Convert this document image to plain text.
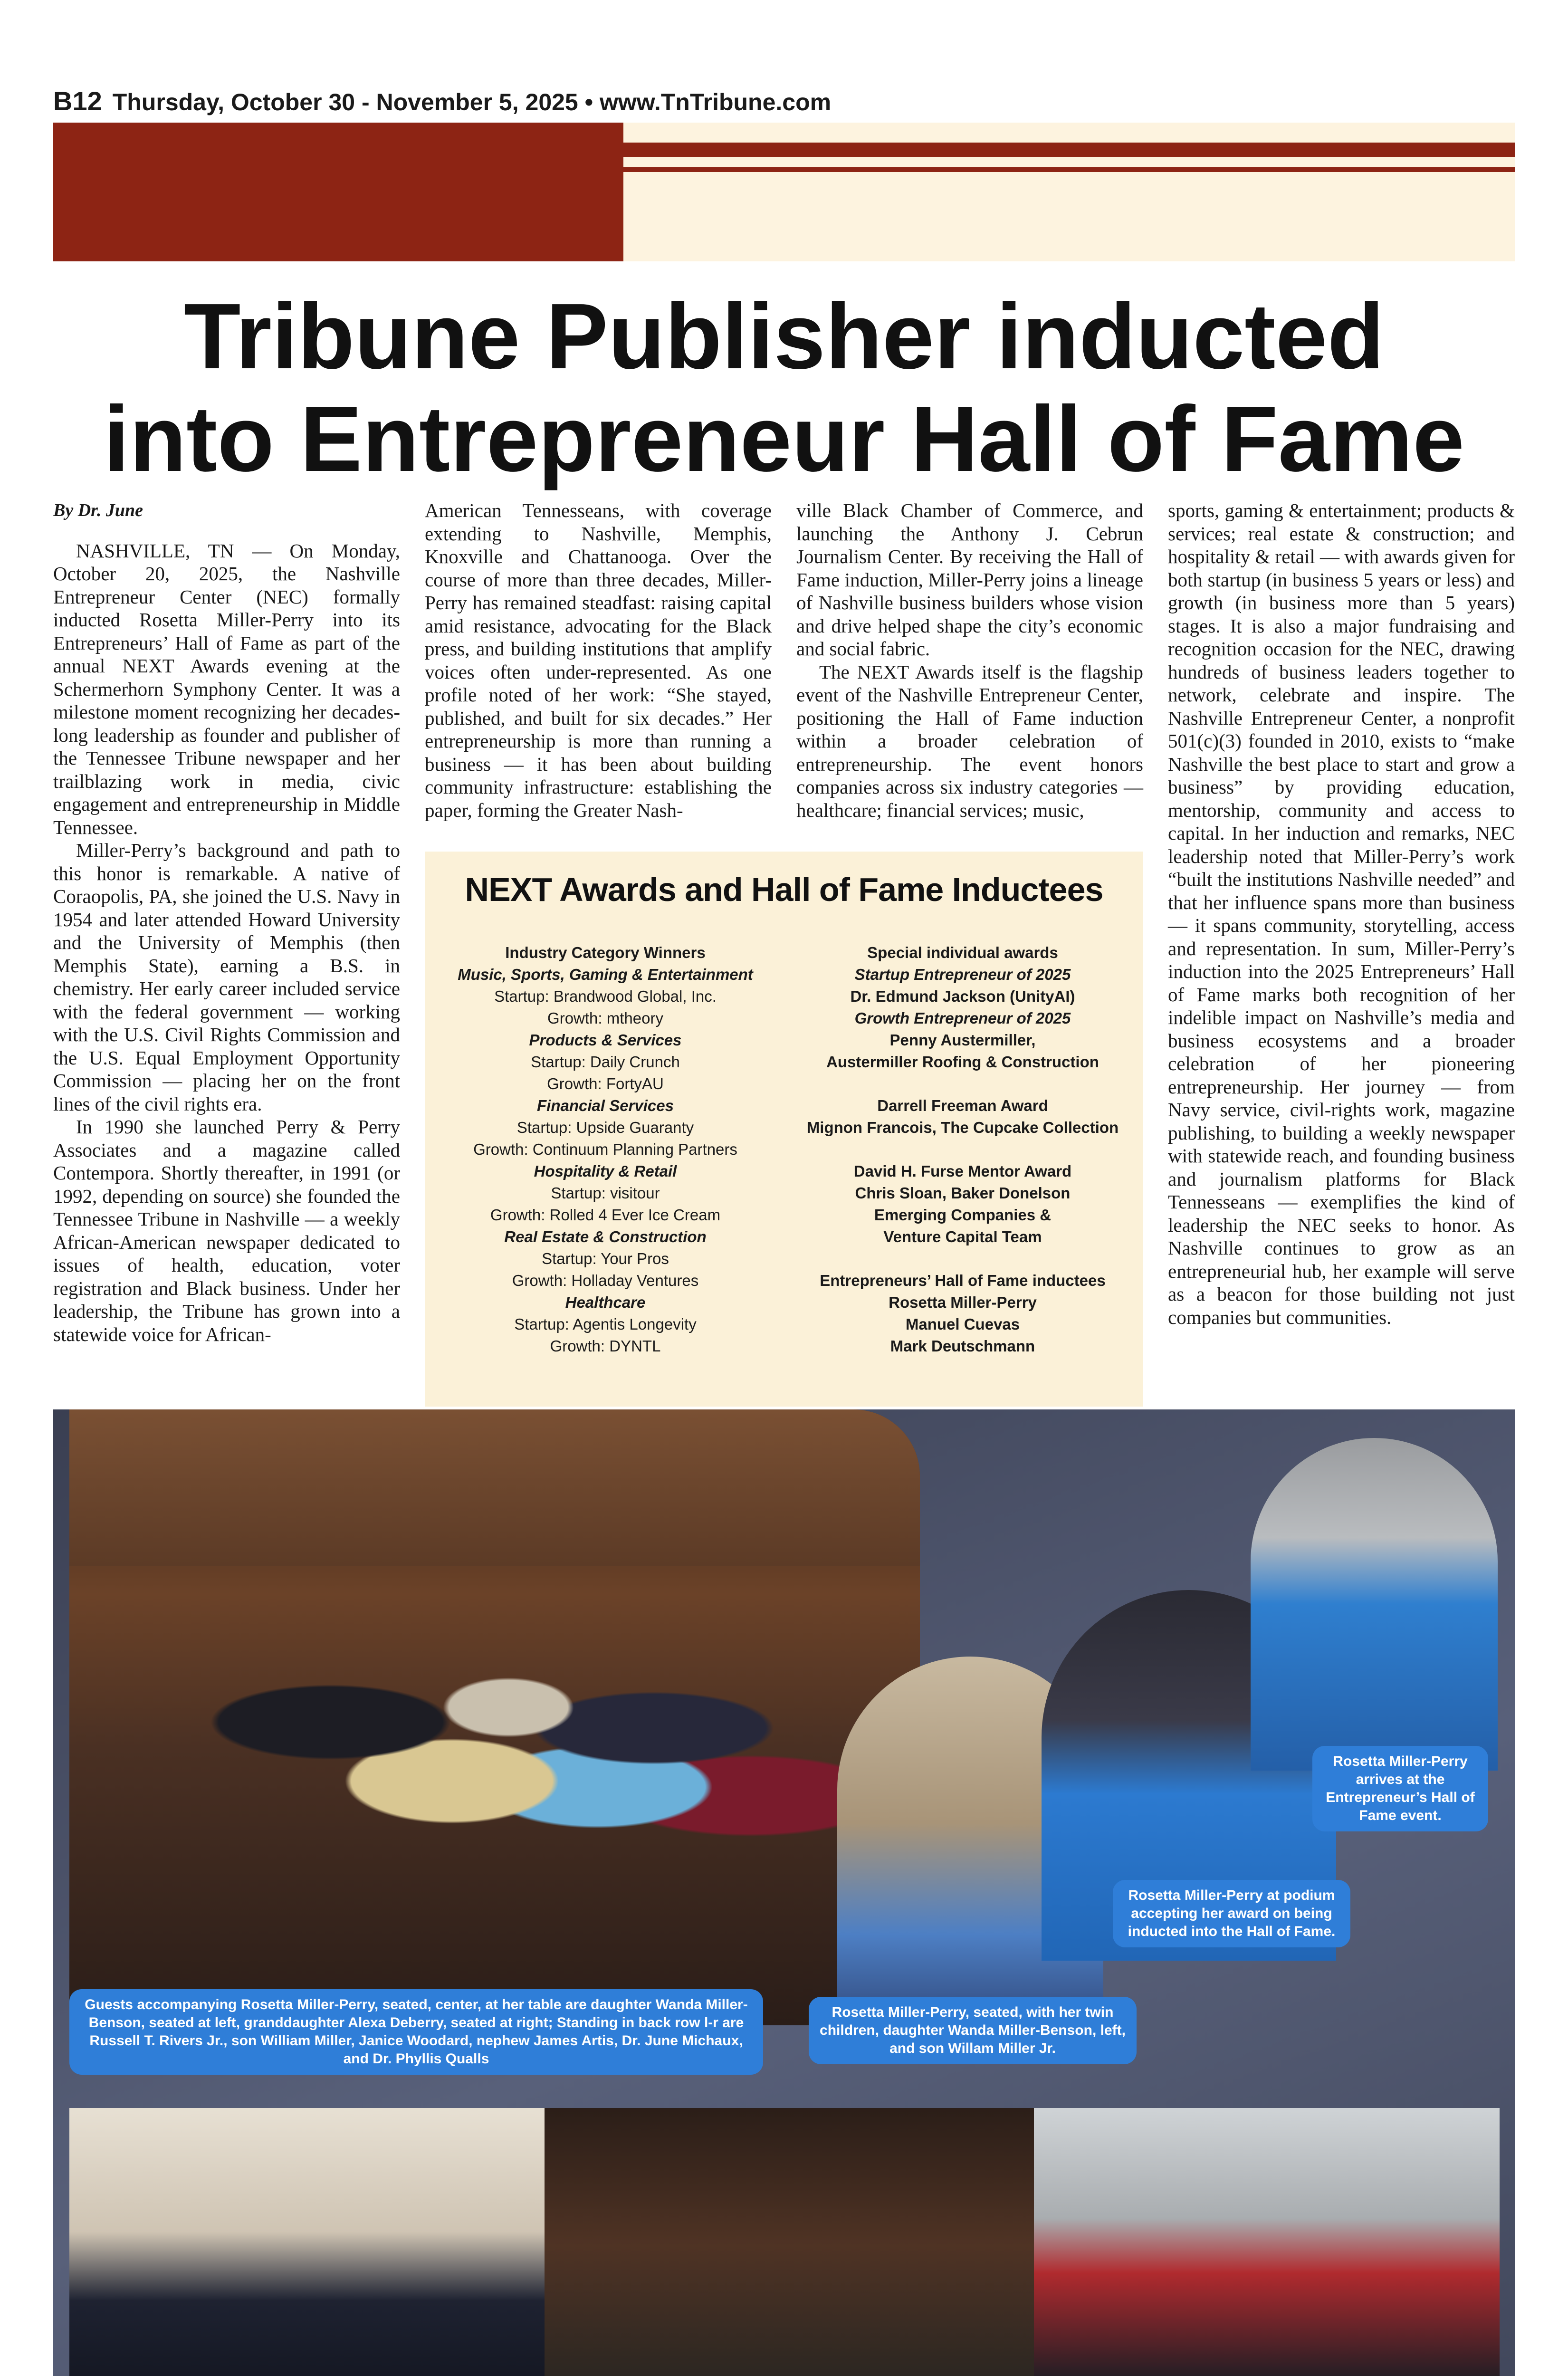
B12 Thursday, October 30 - November 5, 2025 • www.TnTribune.com
Tribune Publisher inducted
into Entrepreneur Hall of Fame

By Dr. June

NASHVILLE, TN — On Monday, October 20, 2025, the Nashville Entrepreneur Center (NEC) formally inducted Rosetta Miller-Perry into its Entrepreneurs’ Hall of Fame as part of the annual NEXT Awards evening at the Schermerhorn Symphony Center. It was a milestone moment recognizing her decades-long leadership as founder and publisher of the Tennessee Tribune newspaper and her trailblazing work in media, civic engagement and entrepreneurship in Middle Tennessee.

Miller-Perry’s background and path to this honor is remarkable. A native of Coraopolis, PA, she joined the U.S. Navy in 1954 and later attended Howard University and the University of Memphis (then Memphis State), earning a B.S. in chemistry. Her early career included service with the federal government — working with the U.S. Civil Rights Commission and the U.S. Equal Employment Opportunity Commission — placing her on the front lines of the civil rights era.

In 1990 she launched Perry & Perry Associates and a magazine called Contempora. Shortly thereafter, in 1991 (or 1992, depending on source) she founded the Tennessee Tribune in Nashville — a weekly African-American newspaper dedicated to issues of health, education, voter registration and Black business. Under her leadership, the Tribune has grown into a statewide voice for African-

American Tennesseans, with coverage extending to Nashville, Memphis, Knoxville and Chattanooga. Over the course of more than three decades, Miller-Perry has remained steadfast: raising capital amid resistance, advocating for the Black press, and building institutions that amplify voices often under-represented. As one profile noted of her work: “She stayed, published, and built for six decades.” Her entrepreneurship is more than running a business — it has been about building community infrastructure: establishing the paper, forming the Greater Nash-

ville Black Chamber of Commerce, and launching the Anthony J. Cebrun Journalism Center. By receiving the Hall of Fame induction, Miller-Perry joins a lineage of Nashville business builders whose vision and drive helped shape the city’s economic and social fabric.

The NEXT Awards itself is the flagship event of the Nashville Entrepreneur Center, positioning the Hall of Fame induction within a broader celebration of entrepreneurship. The event honors companies across six industry categories — healthcare; financial services; music,

sports, gaming & entertainment; products & services; real estate & construction; and hospitality & retail — with awards given for both startup (in business 5 years or less) and growth (in business more than 5 years) stages. It is also a major fundraising and recognition occasion for the NEC, drawing hundreds of business leaders together to network, celebrate and inspire. The Nashville Entrepreneur Center, a nonprofit 501(c)(3) founded in 2010, exists to “make Nashville the best place to start and grow a business” by providing education, mentorship, community and access to capital. In her induction and remarks, NEC leadership noted that Miller-Perry’s work “built the institutions Nashville needed” and that her influence spans more than business — it spans community, storytelling, access and representation. In sum, Miller-Perry’s induction into the 2025 Entrepreneurs’ Hall of Fame marks both recognition of her indelible impact on Nashville’s media and business ecosystems and a broader celebration of her pioneering entrepreneurship. Her journey — from Navy service, civil-rights work, magazine publishing, to building a weekly newspaper with statewide reach, and founding business and journalism platforms for Black Tennesseans — exemplifies the kind of leadership the NEC seeks to honor. As Nashville continues to grow as an entrepreneurial hub, her example will serve as a beacon for those building not just companies but communities.

NEXT Awards and Hall of Fame Inductees
Industry Category Winners
Music, Sports, Gaming & Entertainment
Startup: Brandwood Global, Inc.
Growth: mtheory
Products & Services
Startup: Daily Crunch
Growth: FortyAU
Financial Services
Startup: Upside Guaranty
Growth: Continuum Planning Partners
Hospitality & Retail
Startup: visitour
Growth: Rolled 4 Ever Ice Cream
Real Estate & Construction
Startup: Your Pros
Growth: Holladay Ventures
Healthcare
Startup: Agentis Longevity
Growth: DYNTL
Special individual awards
Startup Entrepreneur of 2025
Dr. Edmund Jackson (UnityAI)
Growth Entrepreneur of 2025
Penny Austermiller,
Austermiller Roofing & Construction
Darrell Freeman Award
Mignon Francois, The Cupcake Collection
David H. Furse Mentor Award
Chris Sloan, Baker Donelson
Emerging Companies &
Venture Capital Team
Entrepreneurs’ Hall of Fame inductees
Rosetta Miller-Perry
Manuel Cuevas
Mark Deutschmann
Guests accompanying Rosetta Miller-Perry, seated, center, at her table are daughter Wanda Miller- Benson, seated at left, granddaughter Alexa Deberry, seated at right; Standing in back row l-r are Russell T. Rivers Jr., son William Miller, Janice Woodard, nephew James Artis, Dr. June Michaux, and Dr. Phyllis Qualls
Rosetta Miller-Perry, seated, with her twin children, daughter Wanda Miller-Benson, left, and son Willam Miller Jr.
Rosetta Miller-Perry at podium accepting her award on being inducted into the Hall of Fame.
Rosetta Miller-Perry arrives at the Entrepreneur’s Hall of Fame event.
